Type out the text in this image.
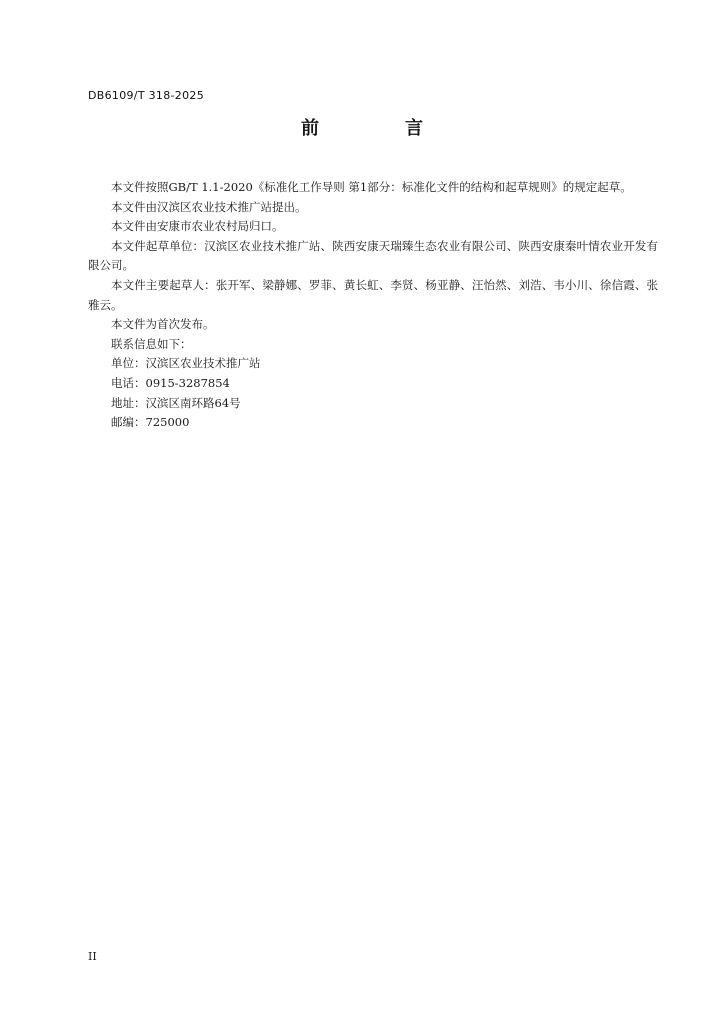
DB6109/T 318-2025
前　言

本文件按照GB/T 1.1-2020《标准化工作导则 第1部分：标准化文件的结构和起草规则》的规定起草。

本文件由汉滨区农业技术推广站提出。

本文件由安康市农业农村局归口。

本文件起草单位：汉滨区农业技术推广站、陕西安康天瑞臻生态农业有限公司、陕西安康秦叶情农业开发有限公司。

本文件主要起草人：张开军、梁静娜、罗菲、黄长虹、李贤、杨亚静、汪怡然、刘浩、韦小川、徐信霞、张雅云。

本文件为首次发布。

联系信息如下：

单位：汉滨区农业技术推广站

电话：0915-3287854

地址：汉滨区南环路64号

邮编：725000

II
